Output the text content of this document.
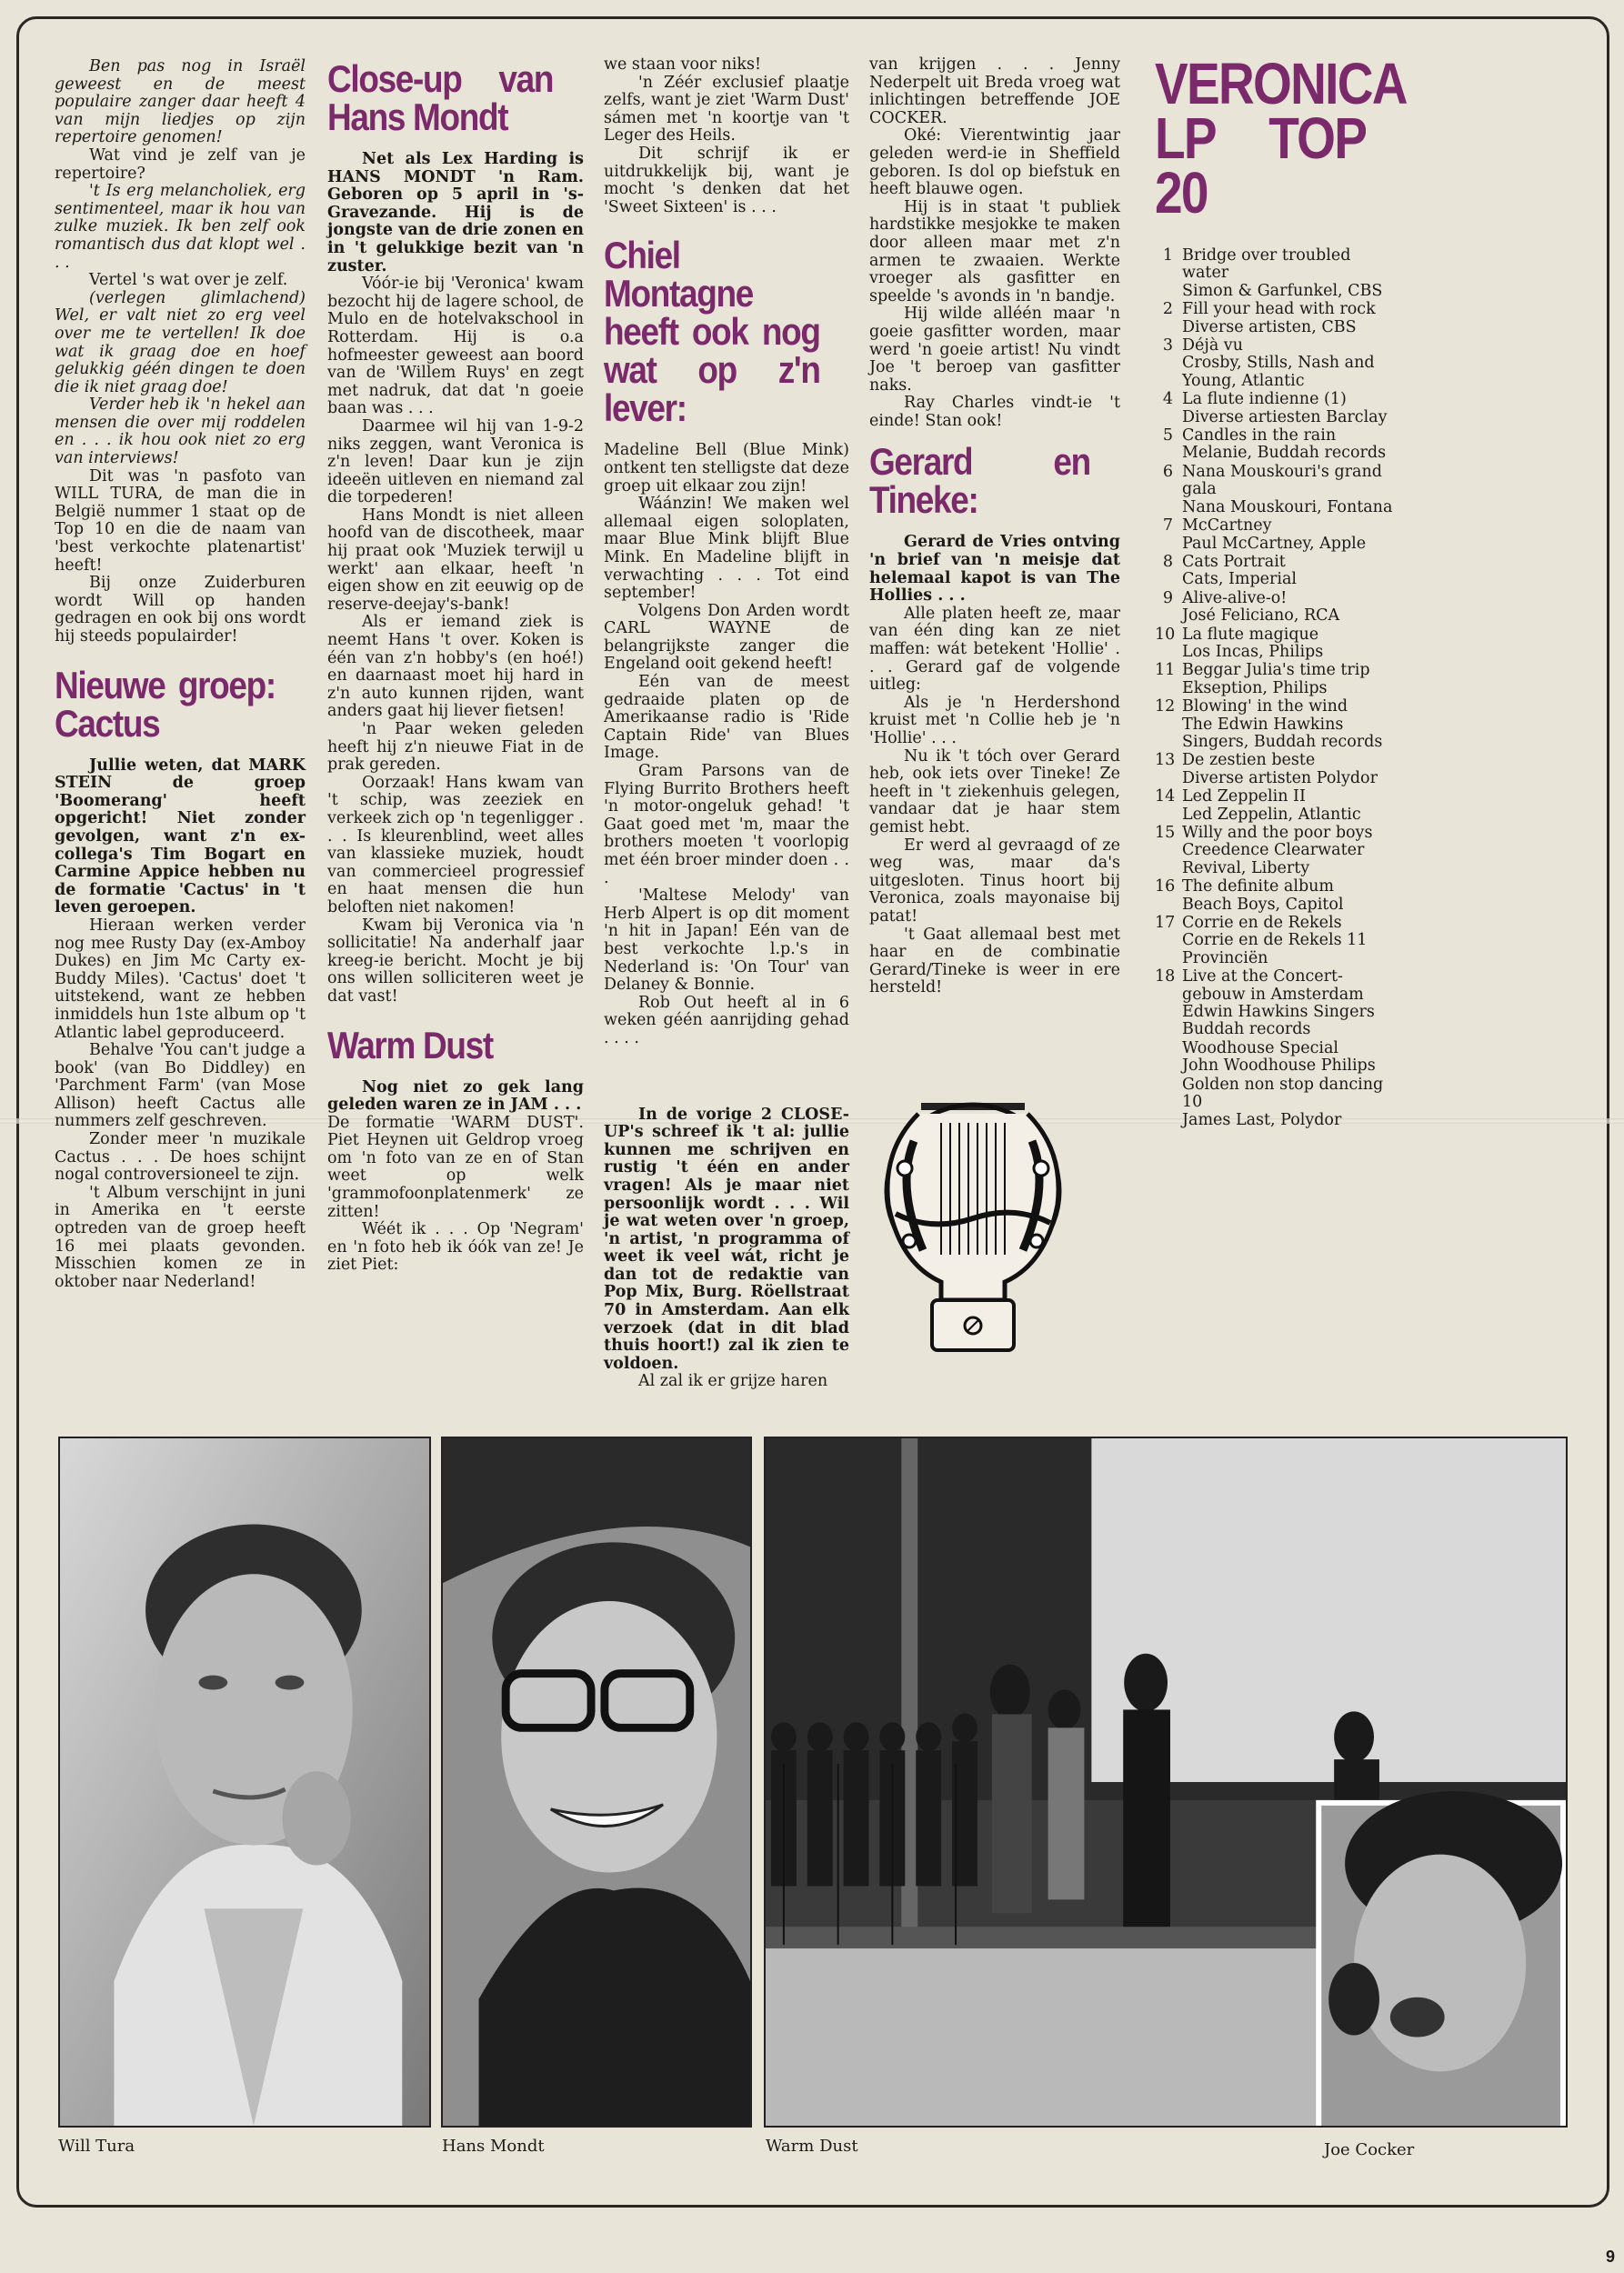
Ben pas nog in Israël geweest en de meest populaire zanger daar heeft 4 van mijn liedjes op zijn repertoire genomen!

Wat vind je zelf van je repertoire?

't Is erg melancholiek, erg sentimenteel, maar ik hou van zulke muziek. Ik ben zelf ook romantisch dus dat klopt wel . . .

Vertel 's wat over je zelf.

(verlegen glimlachend) Wel, er valt niet zo erg veel over me te vertellen! Ik doe wat ik graag doe en hoef gelukkig géén dingen te doen die ik niet graag doe!

Verder heb ik 'n hekel aan mensen die over mij roddelen en . . . ik hou ook niet zo erg van interviews!

Dit was 'n pasfoto van WILL TURA, de man die in België nummer 1 staat op de Top 10 en die de naam van 'best verkochte platenartist' heeft!

Bij onze Zuiderburen wordt Will op handen gedragen en ook bij ons wordt hij steeds populairder!

Nieuwe groep: Cactus

Jullie weten, dat MARK STEIN de groep 'Boomerang' heeft opgericht! Niet zonder gevolgen, want z'n ex-collega's Tim Bogart en Carmine Appice hebben nu de formatie 'Cactus' in 't leven geroepen.

Hieraan werken verder nog mee Rusty Day (ex-Amboy Dukes) en Jim Mc Carty ex-Buddy Miles). 'Cactus' doet 't uitstekend, want ze hebben inmiddels hun 1ste album op 't Atlantic label geproduceerd.

Behalve 'You can't judge a book' (van Bo Diddley) en 'Parchment Farm' (van Mose Allison) heeft Cactus alle nummers zelf geschreven.

Zonder meer 'n muzikale Cactus . . . De hoes schijnt nogal controversioneel te zijn.

't Album verschijnt in juni in Amerika en 't eerste optreden van de groep heeft 16 mei plaats gevonden. Misschien komen ze in oktober naar Nederland!

Close-up van Hans Mondt

Net als Lex Harding is HANS MONDT 'n Ram. Geboren op 5 april in 's-Gravezande. Hij is de jongste van de drie zonen en in 't gelukkige bezit van 'n zuster.

Vóór-ie bij 'Veronica' kwam bezocht hij de lagere school, de Mulo en de hotelvakschool in Rotterdam. Hij is o.a hofmeester geweest aan boord van de 'Willem Ruys' en zegt met nadruk, dat dat 'n goeie baan was . . .

Daarmee wil hij van 1-9-2 niks zeggen, want Veronica is z'n leven! Daar kun je zijn ideeën uitleven en niemand zal die torpederen!

Hans Mondt is niet alleen hoofd van de discotheek, maar hij praat ook 'Muziek terwijl u werkt' aan elkaar, heeft 'n eigen show en zit eeuwig op de reserve-deejay's-bank!

Als er iemand ziek is neemt Hans 't over. Koken is één van z'n hobby's (en hoé!) en daarnaast moet hij hard in z'n auto kunnen rijden, want anders gaat hij liever fietsen!

'n Paar weken geleden heeft hij z'n nieuwe Fiat in de prak gereden.

Oorzaak! Hans kwam van 't schip, was zeeziek en verkeek zich op 'n tegenligger . . . Is kleurenblind, weet alles van klassieke muziek, houdt van commercieel progressief en haat mensen die hun beloften niet nakomen!

Kwam bij Veronica via 'n sollicitatie! Na anderhalf jaar kreeg-ie bericht. Mocht je bij ons willen solliciteren weet je dat vast!

Warm Dust

Nog niet zo gek lang geleden waren ze in JAM . . .

De formatie 'WARM DUST'. Piet Heynen uit Geldrop vroeg om 'n foto van ze en of Stan weet op welk 'grammofoonplatenmerk' ze zitten!

Wéét ik . . . Op 'Negram' en 'n foto heb ik óók van ze! Je ziet Piet:

we staan voor niks!

'n Zéér exclusief plaatje zelfs, want je ziet 'Warm Dust' sámen met 'n koortje van 't Leger des Heils.

Dit schrijf ik er uitdrukkelijk bij, want je mocht 's denken dat het 'Sweet Sixteen' is . . .

Chiel Montagne heeft ook nog wat op z'n lever:

Madeline Bell (Blue Mink) ontkent ten stelligste dat deze groep uit elkaar zou zijn!

Wáánzin! We maken wel allemaal eigen soloplaten, maar Blue Mink blijft Blue Mink. En Madeline blijft in verwachting . . . Tot eind september!

Volgens Don Arden wordt CARL WAYNE de belangrijkste zanger die Engeland ooit gekend heeft!

Eén van de meest gedraaide platen op de Amerikaanse radio is 'Ride Captain Ride' van Blues Image.

Gram Parsons van de Flying Burrito Brothers heeft 'n motor-ongeluk gehad! 't Gaat goed met 'm, maar the brothers moeten 't voorlopig met één broer minder doen . . .

'Maltese Melody' van Herb Alpert is op dit moment 'n hit in Japan! Eén van de best verkochte l.p.'s in Nederland is: 'On Tour' van Delaney & Bonnie.

Rob Out heeft al in 6 weken géén aanrijding gehad . . . .

In de vorige 2 CLOSE-UP's schreef ik 't al: jullie kunnen me schrijven en rustig 't één en ander vragen! Als je maar niet persoonlijk wordt . . . Wil je wat weten over 'n groep, 'n artist, 'n programma of weet ik veel wát, richt je dan tot de redaktie van Pop Mix, Burg. Röellstraat 70 in Amsterdam. Aan elk verzoek (dat in dit blad thuis hoort!) zal ik zien te voldoen.

Al zal ik er grijze haren

van krijgen . . . Jenny Nederpelt uit Breda vroeg wat inlichtingen betreffende JOE COCKER.

Oké: Vierentwintig jaar geleden werd-ie in Sheffield geboren. Is dol op biefstuk en heeft blauwe ogen.

Hij is in staat 't publiek hardstikke mesjokke te maken door alleen maar met z'n armen te zwaaien. Werkte vroeger als gasfitter en speelde 's avonds in 'n bandje.

Hij wilde alléén maar 'n goeie gasfitter worden, maar werd 'n goeie artist! Nu vindt Joe 't beroep van gasfitter naks.

Ray Charles vindt-ie 't einde! Stan ook!

Gerard en Tineke:

Gerard de Vries ontving 'n brief van 'n meisje dat helemaal kapot is van The Hollies . . .

Alle platen heeft ze, maar van één ding kan ze niet maffen: wát betekent 'Hollie' . . . Gerard gaf de volgende uitleg:

Als je 'n Herdershond kruist met 'n Collie heb je 'n 'Hollie' . . .

Nu ik 't tóch over Gerard heb, ook iets over Tineke! Ze heeft in 't ziekenhuis gelegen, vandaar dat je haar stem gemist hebt.

Er werd al gevraagd of ze weg was, maar da's uitgesloten. Tinus hoort bij Veronica, zoals mayonaise bij patat!

't Gaat allemaal best met haar en de combinatie Gerard/Tineke is weer in ere hersteld!

VERONICA
LP TOP 20
1 Bridge over troubled water
Simon & Garfunkel, CBS
2 Fill your head with rock
Diverse artisten, CBS
3 Déjà vu
Crosby, Stills, Nash and Young, Atlantic
4 La flute indienne (1)
Diverse artiesten Barclay
5 Candles in the rain
Melanie, Buddah records
6 Nana Mouskouri's grand gala
Nana Mouskouri, Fontana
7 McCartney
Paul McCartney, Apple
8 Cats Portrait
Cats, Imperial
9 Alive-alive-o!
José Feliciano, RCA
10 La flute magique
Los Incas, Philips
11 Beggar Julia's time trip
Ekseption, Philips
12 Blowing' in the wind
The Edwin Hawkins Singers, Buddah records
13 De zestien beste
Diverse artisten Polydor
14 Led Zeppelin II
Led Zeppelin, Atlantic
15 Willy and the poor boys
Creedence Clearwater Revival, Liberty
16 The definite album
Beach Boys, Capitol
17 Corrie en de Rekels
Corrie en de Rekels 11 Provinciën
18 Live at the Concert-gebouw in Amsterdam
Edwin Hawkins Singers Buddah records
Woodhouse Special
John Woodhouse Philips
Golden non stop dancing 10
James Last, Polydor
Will Tura	Hans Mondt	Warm Dust	Joe Cocker
9
